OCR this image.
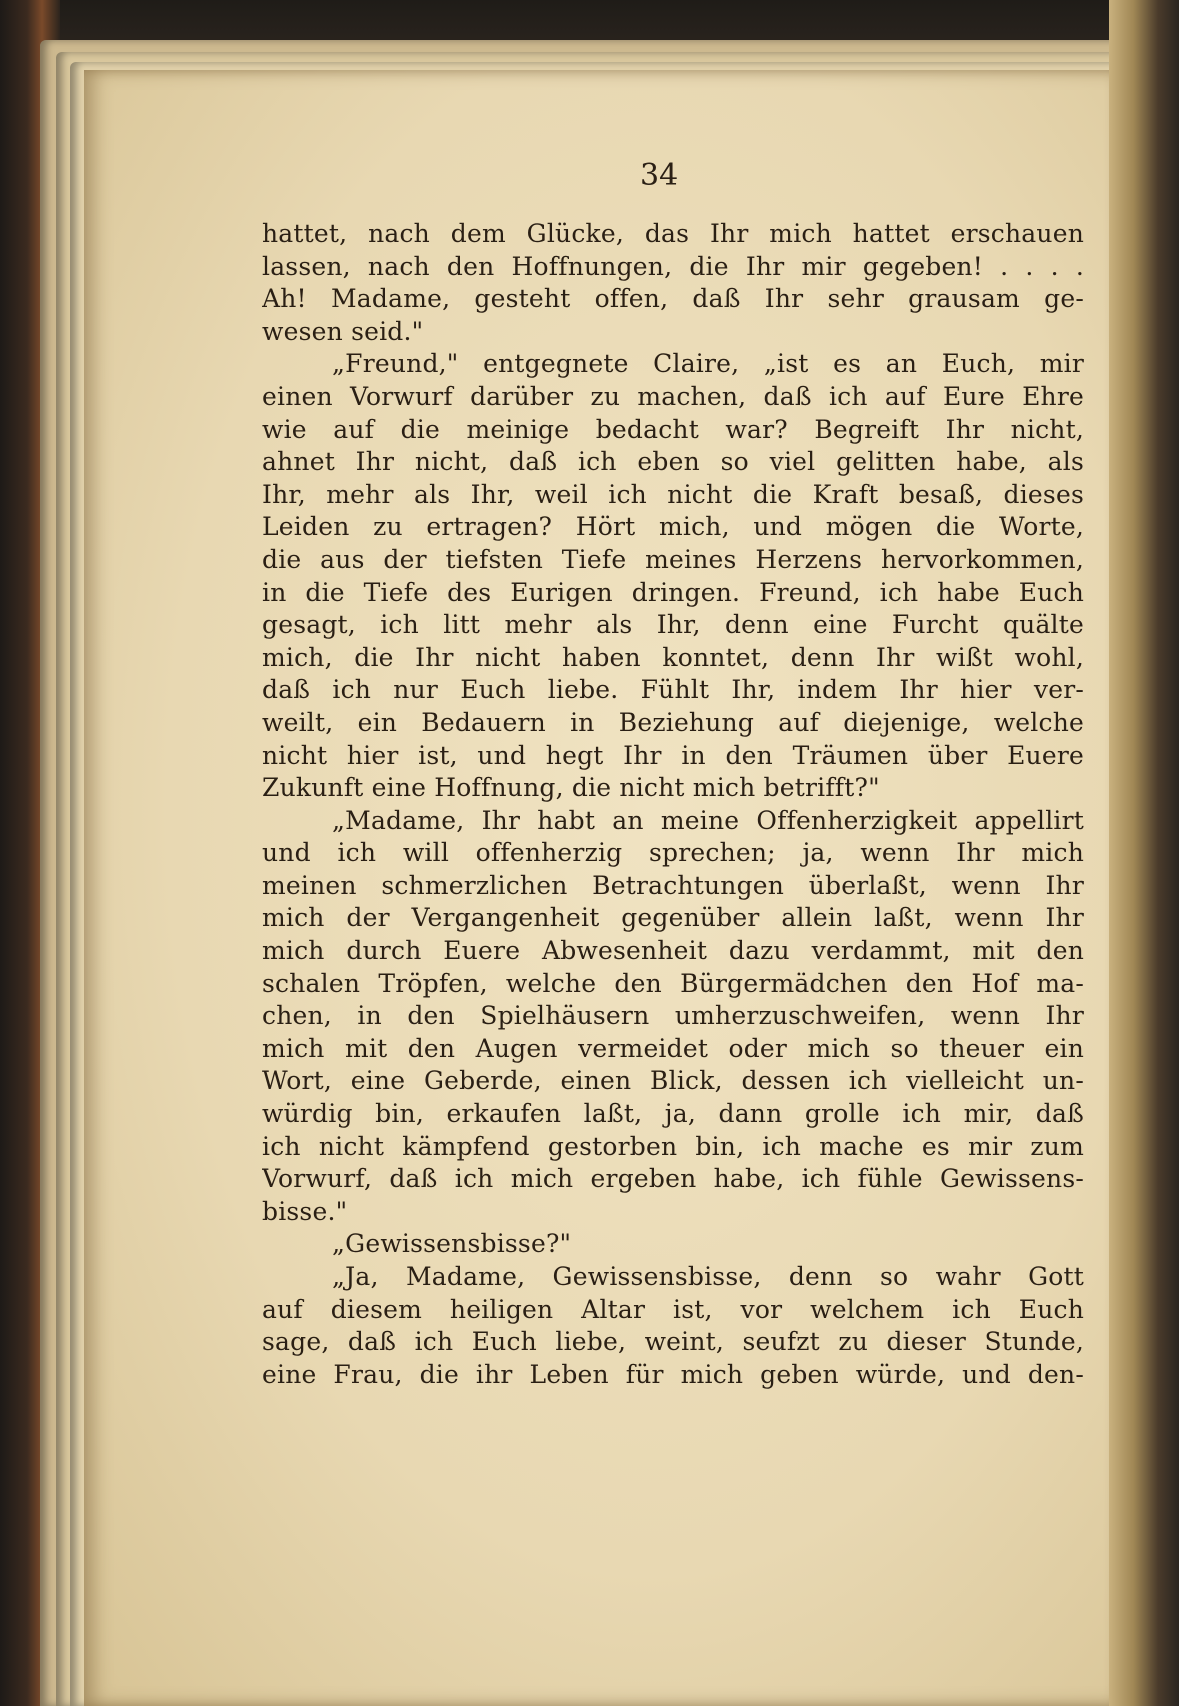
34
hattet, nach dem Glücke, das Ihr mich hattet erschauen
lassen, nach den Hoffnungen, die Ihr mir gegeben! . . . .
Ah! Madame, gesteht offen, daß Ihr sehr grausam ge-
wesen seid."
„Freund," entgegnete Claire, „ist es an Euch, mir
einen Vorwurf darüber zu machen, daß ich auf Eure Ehre
wie auf die meinige bedacht war? Begreift Ihr nicht,
ahnet Ihr nicht, daß ich eben so viel gelitten habe, als
Ihr, mehr als Ihr, weil ich nicht die Kraft besaß, dieses
Leiden zu ertragen? Hört mich, und mögen die Worte,
die aus der tiefsten Tiefe meines Herzens hervorkommen,
in die Tiefe des Eurigen dringen. Freund, ich habe Euch
gesagt, ich litt mehr als Ihr, denn eine Furcht quälte
mich, die Ihr nicht haben konntet, denn Ihr wißt wohl,
daß ich nur Euch liebe. Fühlt Ihr, indem Ihr hier ver-
weilt, ein Bedauern in Beziehung auf diejenige, welche
nicht hier ist, und hegt Ihr in den Träumen über Euere
Zukunft eine Hoffnung, die nicht mich betrifft?"
„Madame, Ihr habt an meine Offenherzigkeit appellirt
und ich will offenherzig sprechen; ja, wenn Ihr mich
meinen schmerzlichen Betrachtungen überlaßt, wenn Ihr
mich der Vergangenheit gegenüber allein laßt, wenn Ihr
mich durch Euere Abwesenheit dazu verdammt, mit den
schalen Tröpfen, welche den Bürgermädchen den Hof ma-
chen, in den Spielhäusern umherzuschweifen, wenn Ihr
mich mit den Augen vermeidet oder mich so theuer ein
Wort, eine Geberde, einen Blick, dessen ich vielleicht un-
würdig bin, erkaufen laßt, ja, dann grolle ich mir, daß
ich nicht kämpfend gestorben bin, ich mache es mir zum
Vorwurf, daß ich mich ergeben habe, ich fühle Gewissens-
bisse."
„Gewissensbisse?"
„Ja, Madame, Gewissensbisse, denn so wahr Gott
auf diesem heiligen Altar ist, vor welchem ich Euch
sage, daß ich Euch liebe, weint, seufzt zu dieser Stunde,
eine Frau, die ihr Leben für mich geben würde, und den-
